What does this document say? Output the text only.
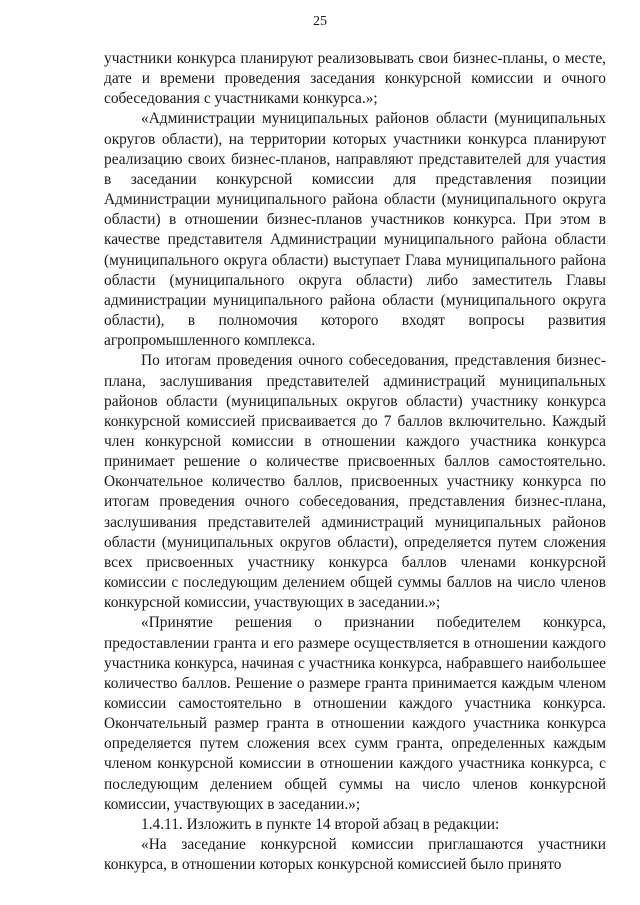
25

участники конкурса планируют реализовывать свои бизнес-планы, о месте, дате и времени проведения заседания конкурсной комиссии и очного собеседования с участниками конкурса.»;

«Администрации муниципальных районов области (муниципальных округов области), на территории которых участники конкурса планируют реализацию своих бизнес-планов, направляют представителей для участия в заседании конкурсной комиссии для представления позиции Администрации муниципального района области (муниципального округа области) в отношении бизнес-планов участников конкурса. При этом в качестве представителя Администрации муниципального района области (муниципального округа области) выступает Глава муниципального района области (муниципального округа области) либо заместитель Главы администрации муниципального района области (муниципального округа области), в полномочия которого входят вопросы развития агропромышленного комплекса.

По итогам проведения очного собеседования, представления бизнес-плана, заслушивания представителей администраций муниципальных районов области (муниципальных округов области) участнику конкурса конкурсной комиссией присваивается до 7 баллов включительно. Каждый член конкурсной комиссии в отношении каждого участника конкурса принимает решение о количестве присвоенных баллов самостоятельно. Окончательное количество баллов, присвоенных участнику конкурса по итогам проведения очного собеседования, представления бизнес-плана, заслушивания представителей администраций муниципальных районов области (муниципальных округов области), определяется путем сложения всех присвоенных участнику конкурса баллов членами конкурсной комиссии с последующим делением общей суммы баллов на число членов конкурсной комиссии, участвующих в заседании.»;

«Принятие решения о признании победителем конкурса, предоставлении гранта и его размере осуществляется в отношении каждого участника конкурса, начиная с участника конкурса, набравшего наибольшее количество баллов. Решение о размере гранта принимается каждым членом комиссии самостоятельно в отношении каждого участника конкурса. Окончательный размер гранта в отношении каждого участника конкурса определяется путем сложения всех сумм гранта, определенных каждым членом конкурсной комиссии в отношении каждого участника конкурса, с последующим делением общей суммы на число членов конкурсной комиссии, участвующих в заседании.»;

1.4.11. Изложить в пункте 14 второй абзац в редакции:

«На заседание конкурсной комиссии приглашаются участники конкурса, в отношении которых конкурсной комиссией было принято
